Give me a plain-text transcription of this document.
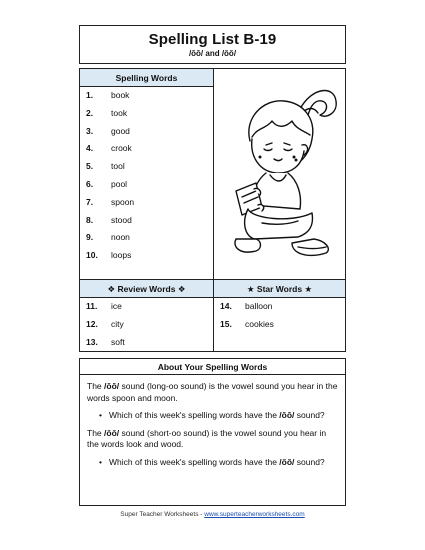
Spelling List B-19
/ōō/ and /ŏŏ/
Spelling Words
1. book
2. took
3. good
4. crook
5. tool
6. pool
7. spoon
8. stood
9. noon
10. loops
❖ Review Words ❖
11. ice
12. city
13. soft
★ Star Words ★
14. balloon
15. cookies
About Your Spelling Words
The /ōō/ sound (long-oo sound) is the vowel sound you hear in the words spoon and moon.
• Which of this week's spelling words have the /ōō/ sound?
The /ŏŏ/ sound (short-oo sound) is the vowel sound you hear in the words look and wood.
• Which of this week's spelling words have the /ŏŏ/ sound?
Super Teacher Worksheets - www.superteacherworksheets.com
